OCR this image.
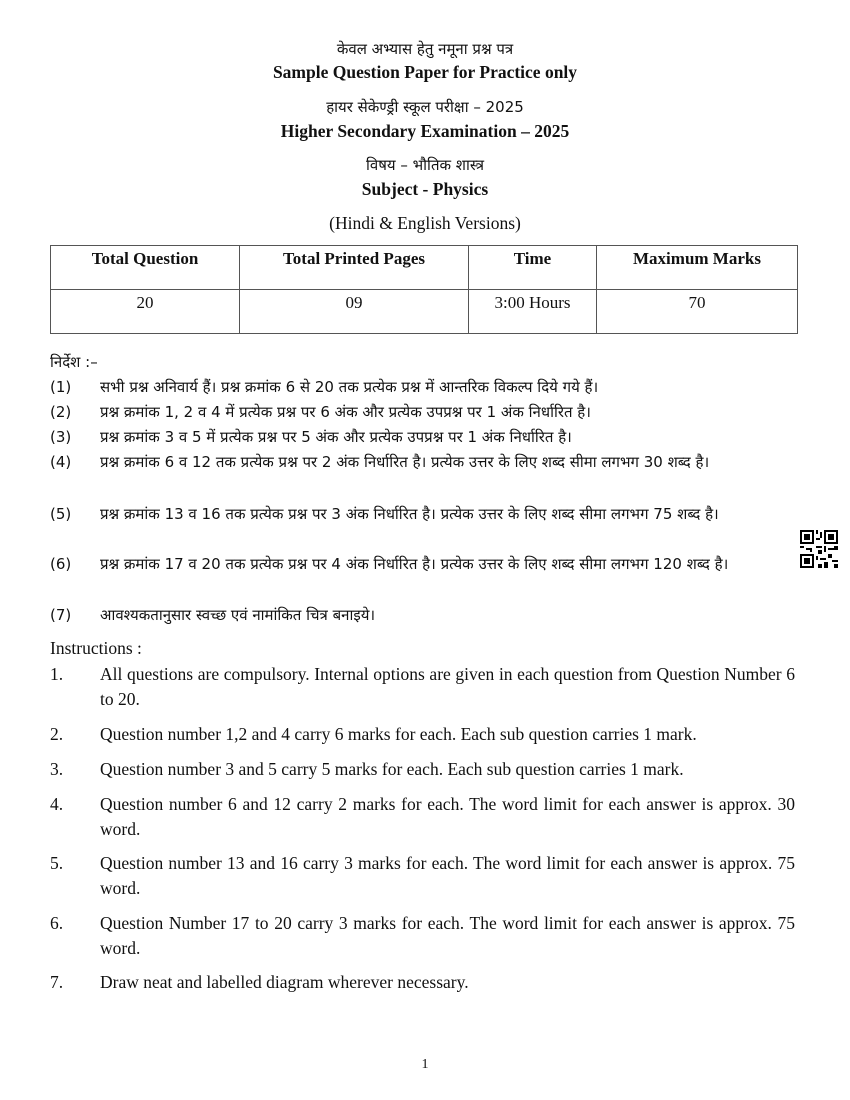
केवल अभ्यास हेतु नमूना प्रश्न पत्र
Sample Question Paper for Practice only
हायर सेकेण्ड्री स्कूल परीक्षा – 2025
Higher Secondary Examination – 2025
विषय – भौतिक शास्त्र
Subject - Physics
(Hindi & English Versions)
Total Question	Total Printed Pages	Time	Maximum Marks
20	09	3:00 Hours	70
निर्देश :–
(1) सभी प्रश्न अनिवार्य हैं। प्रश्न क्रमांक 6 से 20 तक प्रत्येक प्रश्न में आन्तरिक विकल्प दिये गये हैं।
(2) प्रश्न क्रमांक 1, 2 व 4 में प्रत्येक प्रश्न पर 6 अंक और प्रत्येक उपप्रश्न पर 1 अंक निर्धारित है।
(3) प्रश्न क्रमांक 3 व 5 में प्रत्येक प्रश्न पर 5 अंक और प्रत्येक उपप्रश्न पर 1 अंक निर्धारित है।
(4) प्रश्न क्रमांक 6 व 12 तक प्रत्येक प्रश्न पर 2 अंक निर्धारित है। प्रत्येक उत्तर के लिए शब्द सीमा लगभग 30 शब्द है।
(5) प्रश्न क्रमांक 13 व 16 तक प्रत्येक प्रश्न पर 3 अंक निर्धारित है। प्रत्येक उत्तर के लिए शब्द सीमा लगभग 75 शब्द है।
(6) प्रश्न क्रमांक 17 व 20 तक प्रत्येक प्रश्न पर 4 अंक निर्धारित है। प्रत्येक उत्तर के लिए शब्द सीमा लगभग 120 शब्द है।
(7) आवश्यकतानुसार स्वच्छ एवं नामांकित चित्र बनाइये।
Instructions :
1. All questions are compulsory. Internal options are given in each question from Question Number 6 to 20.
2. Question number 1,2 and 4 carry 6 marks for each. Each sub question carries 1 mark.
3. Question number 3 and 5 carry 5 marks for each. Each sub question carries 1 mark.
4. Question number 6 and 12 carry 2 marks for each. The word limit for each answer is approx. 30 word.
5. Question number 13 and 16 carry 3 marks for each. The word limit for each answer is approx. 75 word.
6. Question Number 17 to 20 carry 3 marks for each. The word limit for each answer is approx. 75 word.
7. Draw neat and labelled diagram wherever necessary.
1
